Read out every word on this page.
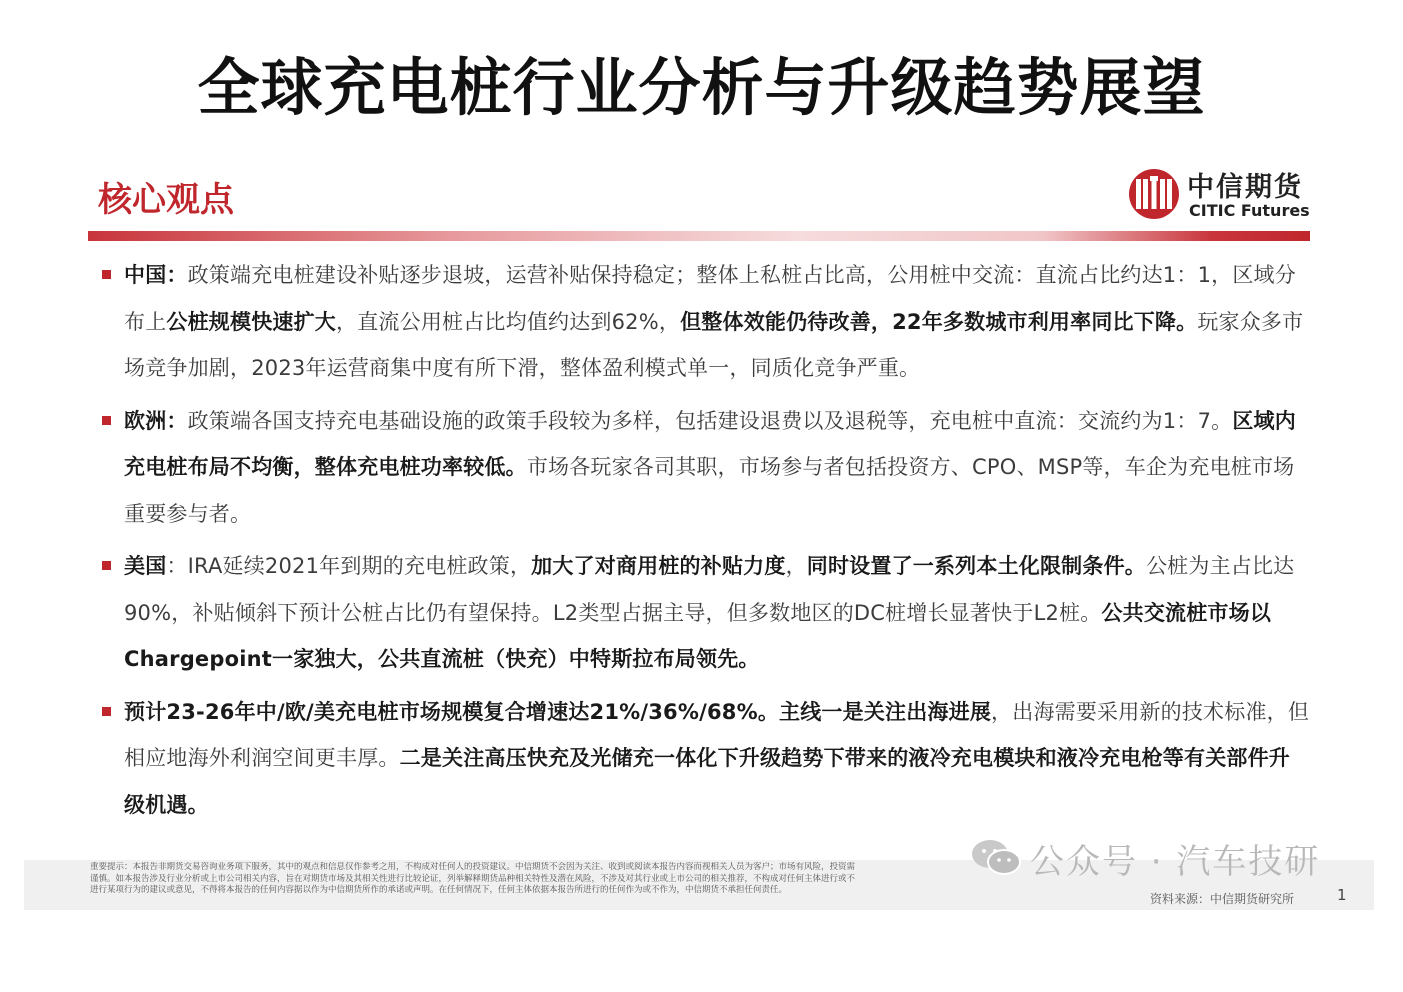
全球充电桩行业分析与升级趋势展望
核心观点	中信期货
CITIC Futures
中国：政策端充电桩建设补贴逐步退坡，运营补贴保持稳定；整体上私桩占比高，公用桩中交流：直流占比约达1：1，区域分布上公桩规模快速扩大，直流公用桩占比均值约达到62%，但整体效能仍待改善，22年多数城市利用率同比下降。玩家众多市场竞争加剧，2023年运营商集中度有所下滑，整体盈利模式单一，同质化竞争严重。
欧洲：政策端各国支持充电基础设施的政策手段较为多样，包括建设退费以及退税等，充电桩中直流：交流约为1：7。区域内充电桩布局不均衡，整体充电桩功率较低。市场各玩家各司其职，市场参与者包括投资方、CPO、MSP等，车企为充电桩市场重要参与者。
美国：IRA延续2021年到期的充电桩政策，加大了对商用桩的补贴力度，同时设置了一系列本土化限制条件。公桩为主占比达90%，补贴倾斜下预计公桩占比仍有望保持。L2类型占据主导，但多数地区的DC桩增长显著快于L2桩。公共交流桩市场以Chargepoint一家独大，公共直流桩（快充）中特斯拉布局领先。
预计23-26年中/欧/美充电桩市场规模复合增速达21%/36%/68%。主线一是关注出海进展，出海需要采用新的技术标准，但相应地海外利润空间更丰厚。二是关注高压快充及光储充一体化下升级趋势下带来的液冷充电模块和液冷充电枪等有关部件升级机遇。
重要提示：本报告非期货交易咨询业务项下服务，其中的观点和信息仅作参考之用，不构成对任何人的投资建议。中信期货不会因为关注、收到或阅读本报告内容而视相关人员为客户；市场有风险，投资需谨慎。如本报告涉及行业分析或上市公司相关内容，旨在对期货市场及其相关性进行比较论证，列举解释期货品种相关特性及潜在风险，不涉及对其行业或上市公司的相关推荐，不构成对任何主体进行或不进行某项行为的建议或意见，不得将本报告的任何内容据以作为中信期货所作的承诺或声明。在任何情况下，任何主体依据本报告所进行的任何作为或不作为，中信期货不承担任何责任。
公众号 · 汽车技研
资料来源：中信期货研究所	1
